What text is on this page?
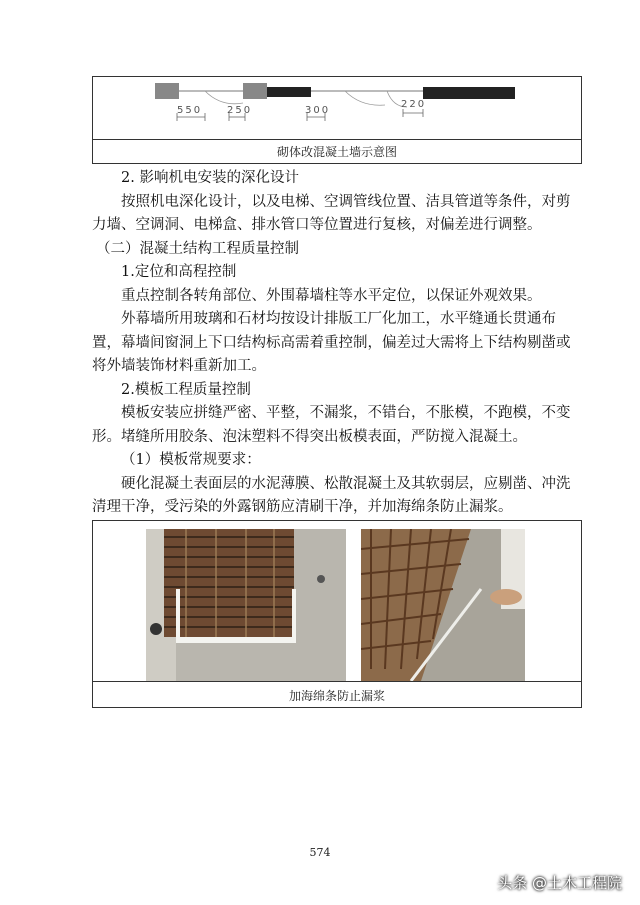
550 250	300
220
砌体改混凝土墙示意图

2. 影响机电安装的深化设计

按照机电深化设计，以及电梯、空调管线位置、洁具管道等条件，对剪力墙、空调洞、电梯盒、排水管口等位置进行复核，对偏差进行调整。

（二）混凝土结构工程质量控制

1.定位和高程控制

重点控制各转角部位、外围幕墙柱等水平定位，以保证外观效果。

外幕墙所用玻璃和石材均按设计排版工厂化加工，水平缝通长贯通布置，幕墙间窗洞上下口结构标高需着重控制，偏差过大需将上下结构剔凿或将外墙装饰材料重新加工。

2.模板工程质量控制

模板安装应拼缝严密、平整，不漏浆，不错台，不胀模，不跑模，不变形。堵缝所用胶条、泡沫塑料不得突出板模表面，严防搅入混凝土。

（1）模板常规要求：

硬化混凝土表面层的水泥薄膜、松散混凝土及其软弱层，应剔凿、冲洗清理干净，受污染的外露钢筋应清刷干净，并加海绵条防止漏浆。

加海绵条防止漏浆
574
头条 @土木工程院
